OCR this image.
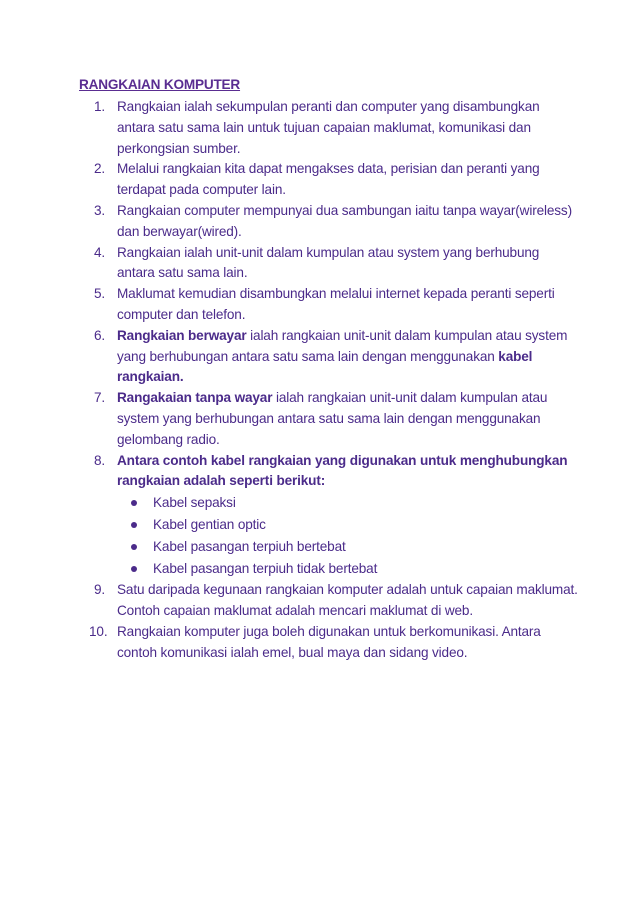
RANGKAIAN KOMPUTER
1. Rangkaian ialah sekumpulan peranti dan computer yang disambungkan antara satu sama lain untuk tujuan capaian maklumat, komunikasi dan perkongsian sumber.
2. Melalui rangkaian kita dapat mengakses data, perisian dan peranti yang terdapat pada computer lain.
3. Rangkaian computer mempunyai dua sambungan iaitu tanpa wayar(wireless) dan berwayar(wired).
4. Rangkaian ialah unit-unit dalam kumpulan atau system yang berhubung antara satu sama lain.
5. Maklumat kemudian disambungkan melalui internet kepada peranti seperti computer dan telefon.
6. Rangkaian berwayar ialah rangkaian unit-unit dalam kumpulan atau system yang berhubungan antara satu sama lain dengan menggunakan kabel rangkaian.
7. Rangakaian tanpa wayar ialah rangkaian unit-unit dalam kumpulan atau system yang berhubungan antara satu sama lain dengan menggunakan gelombang radio.
8. Antara contoh kabel rangkaian yang digunakan untuk menghubungkan rangkaian adalah seperti berikut:
Kabel sepaksi
Kabel gentian optic
Kabel pasangan terpiuh bertebat
Kabel pasangan terpiuh tidak bertebat
9. Satu daripada kegunaan rangkaian komputer adalah untuk capaian maklumat. Contoh capaian maklumat adalah mencari maklumat di web.
10. Rangkaian komputer juga boleh digunakan untuk berkomunikasi. Antara contoh komunikasi ialah emel, bual maya dan sidang video.
